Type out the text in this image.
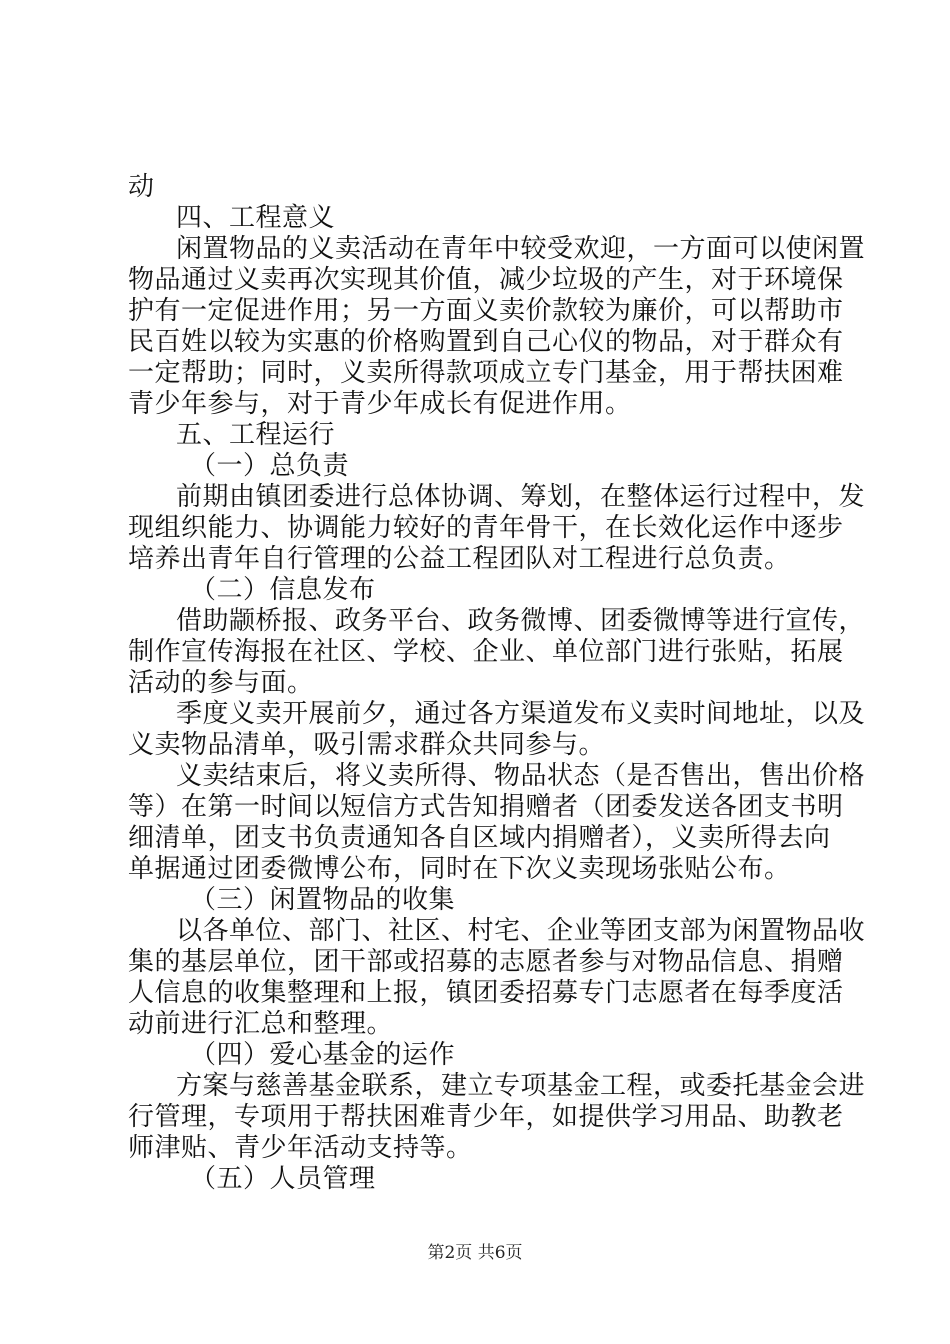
动
四、工程意义
闲置物品的义卖活动在青年中较受欢迎，一方面可以使闲置
物品通过义卖再次实现其价值，减少垃圾的产生，对于环境保
护有一定促进作用；另一方面义卖价款较为廉价，可以帮助市
民百姓以较为实惠的价格购置到自己心仪的物品，对于群众有
一定帮助；同时，义卖所得款项成立专门基金，用于帮扶困难
青少年参与，对于青少年成长有促进作用。
五、工程运行
（一）总负责
前期由镇团委进行总体协调、筹划，在整体运行过程中，发
现组织能力、协调能力较好的青年骨干，在长效化运作中逐步
培养出青年自行管理的公益工程团队对工程进行总负责。
（二）信息发布
借助颛桥报、政务平台、政务微博、团委微博等进行宣传，
制作宣传海报在社区、学校、企业、单位部门进行张贴，拓展
活动的参与面。
季度义卖开展前夕，通过各方渠道发布义卖时间地址，以及
义卖物品清单，吸引需求群众共同参与。
义卖结束后，将义卖所得、物品状态（是否售出，售出价格
等）在第一时间以短信方式告知捐赠者（团委发送各团支书明
细清单，团支书负责通知各自区域内捐赠者），义卖所得去向
单据通过团委微博公布，同时在下次义卖现场张贴公布。
（三）闲置物品的收集
以各单位、部门、社区、村宅、企业等团支部为闲置物品收
集的基层单位，团干部或招募的志愿者参与对物品信息、捐赠
人信息的收集整理和上报，镇团委招募专门志愿者在每季度活
动前进行汇总和整理。
（四）爱心基金的运作
方案与慈善基金联系，建立专项基金工程，或委托基金会进
行管理，专项用于帮扶困难青少年，如提供学习用品、助教老
师津贴、青少年活动支持等。
（五）人员管理
第2页 共6页
